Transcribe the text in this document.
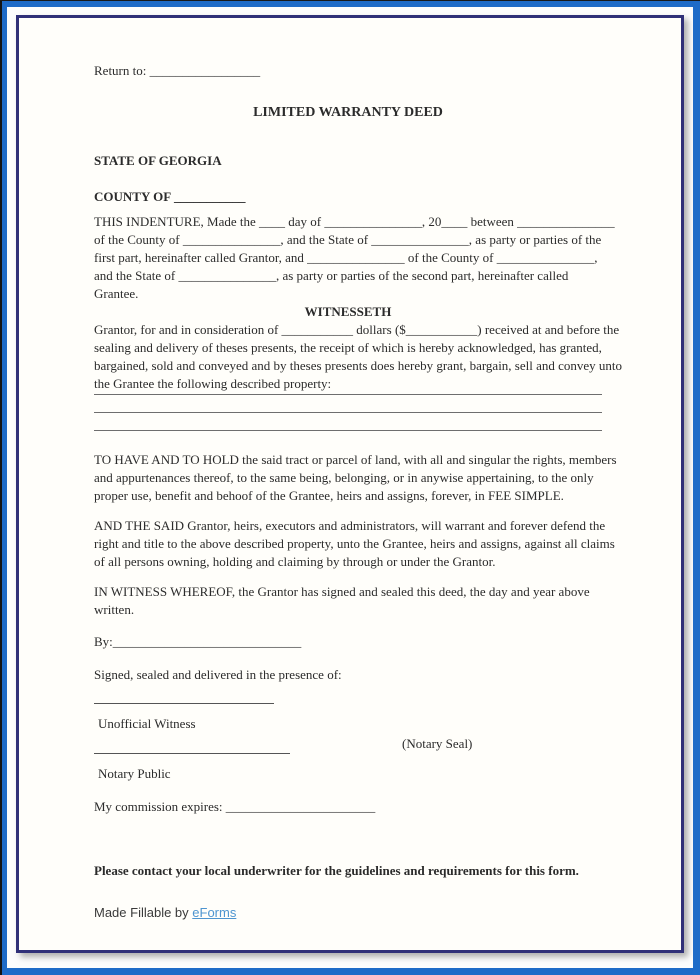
Return to: _________________
LIMITED WARRANTY DEED
STATE OF GEORGIA
COUNTY OF ___________
THIS INDENTURE, Made the ____ day of _______________, 20____ between _______________
of the County of _______________, and the State of _______________, as party or parties of the
first part, hereinafter called Grantor, and _______________ of the County of _______________,
and the State of _______________, as party or parties of the second part, hereinafter called
Grantee.
WITNESSETH
Grantor, for and in consideration of ___________ dollars ($___________) received at and before the
sealing and delivery of theses presents, the receipt of which is hereby acknowledged, has granted,
bargained, sold and conveyed and by theses presents does hereby grant, bargain, sell and convey unto
the Grantee the following described property:
TO HAVE AND TO HOLD the said tract or parcel of land, with all and singular the rights, members
and appurtenances thereof, to the same being, belonging, or in anywise appertaining, to the only
proper use, benefit and behoof of the Grantee, heirs and assigns, forever, in FEE SIMPLE.
AND THE SAID Grantor, heirs, executors and administrators, will warrant and forever defend the
right and title to the above described property, unto the Grantee, heirs and assigns, against all claims
of all persons owning, holding and claiming by through or under the Grantor.
IN WITNESS WHEREOF, the Grantor has signed and sealed this deed, the day and year above
written.
By:_____________________________
Signed, sealed and delivered in the presence of:
Unofficial Witness
(Notary Seal)
Notary Public
My commission expires: _______________________
Please contact your local underwriter for the guidelines and requirements for this form.
Made Fillable by eForms
